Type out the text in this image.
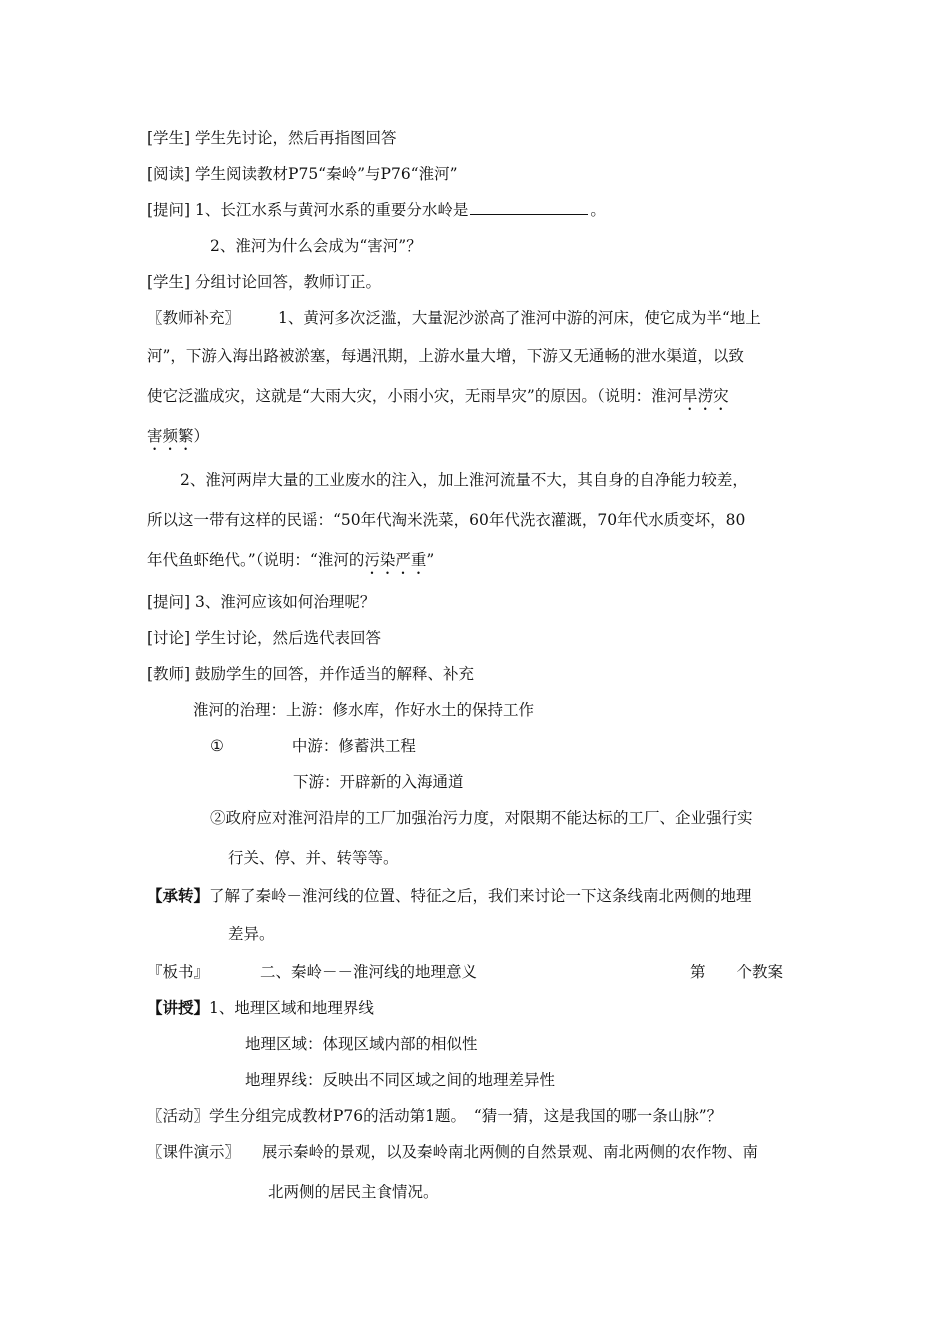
[学生] 学生先讨论，然后再指图回答
[阅读] 学生阅读教材P75“秦岭”与P76“淮河”
[提问] 1、长江水系与黄河水系的重要分水岭是	。
2、淮河为什么会成为“害河”？
[学生] 分组讨论回答，教师订正。
〖教师补充〗 1、黄河多次泛滥，大量泥沙淤高了淮河中游的河床，使它成为半“地上
河”，下游入海出路被淤塞，每遇汛期，上游水量大增，下游又无通畅的泄水渠道，以致
使它泛滥成灾，这就是“大雨大灾，小雨小灾，无雨旱灾”的原因。（说明：淮河旱涝灾
害频繁）
2、淮河两岸大量的工业废水的注入，加上淮河流量不大，其自身的自净能力较差，
所以这一带有这样的民谣：“50年代淘米洗菜，60年代洗衣灌溉，70年代水质变坏，80
年代鱼虾绝代。”（说明：“淮河的污染严重”
[提问] 3、淮河应该如何治理呢？
[讨论] 学生讨论，然后选代表回答
[教师] 鼓励学生的回答，并作适当的解释、补充
淮河的治理：上游：修水库，作好水土的保持工作
①	中游：修蓄洪工程
下游：开辟新的入海通道
②政府应对淮河沿岸的工厂加强治污力度，对限期不能达标的工厂、企业强行实
行关、停、并、转等等。
【承转】了解了秦岭－淮河线的位置、特征之后，我们来讨论一下这条线南北两侧的地理
差异。
『板书』	二、秦岭－－淮河线的地理意义	第　　个教案
【讲授】1、地理区域和地理界线
地理区域：体现区域内部的相似性
地理界线：反映出不同区域之间的地理差异性
〖活动〗学生分组完成教材P76的活动第1题。　“猜一猜，这是我国的哪一条山脉”？
〖课件演示〗 展示秦岭的景观，以及秦岭南北两侧的自然景观、南北两侧的农作物、南
北两侧的居民主食情况。
